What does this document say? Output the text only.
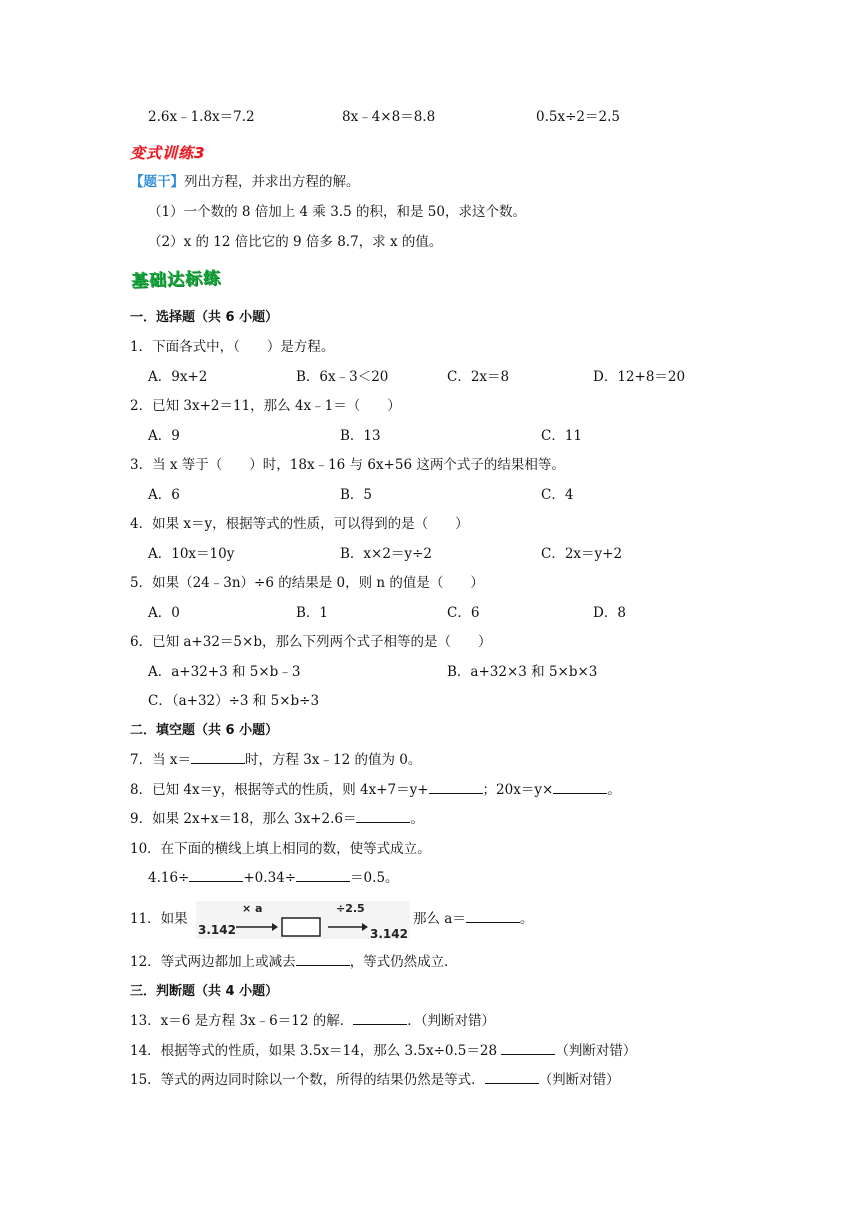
2.6x﹣1.8x＝7.2	8x﹣4×8＝8.8	0.5x÷2＝2.5
变式训练3
【题干】列出方程，并求出方程的解。
（1）一个数的 8 倍加上 4 乘 3.5 的积，和是 50，求这个数。
（2）x 的 12 倍比它的 9 倍多 8.7，求 x 的值。
基础达标练
一．选择题（共 6 小题）
1．下面各式中，（　　）是方程。
A．9x+2	B．6x﹣3＜20	C．2x＝8	D．12+8＝20
2．已知 3x+2＝11，那么 4x﹣1＝（　　）
A．9	B．13	C．11
3．当 x 等于（　　）时，18x﹣16 与 6x+56 这两个式子的结果相等。
A．6	B．5	C．4
4．如果 x＝y，根据等式的性质，可以得到的是（　　）
A．10x＝10y	B．x×2＝y÷2	C．2x＝y+2
5．如果（24﹣3n）÷6 的结果是 0，则 n 的值是（　　）
A．0	B．1	C．6	D．8
6．已知 a+32＝5×b，那么下列两个式子相等的是（　　）
A．a+32+3 和 5×b﹣3	B．a+32×3 和 5×b×3
C．（a+32）÷3 和 5×b÷3
二．填空题（共 6 小题）
7．当 x＝	时，方程 3x﹣12 的值为 0。
8．已知 4x＝y，根据等式的性质，则 4x+7＝y+	；20x＝y×	。
9．如果 2x+x＝18，那么 3x+2.6＝	。
10．在下面的横线上填上相同的数，使等式成立。
4.16÷	+0.34÷	＝0.5。
11．如果
3.142
× a	÷2.5
3.142
那么 a＝	。
12．等式两边都加上或减去	，等式仍然成立．
三．判断题（共 4 小题）
13．x＝6 是方程 3x﹣6＝12 的解．	．（判断对错）
14．根据等式的性质，如果 3.5x＝14，那么 3.5x÷0.5＝28	（判断对错）
15．等式的两边同时除以一个数，所得的结果仍然是等式．	（判断对错）
